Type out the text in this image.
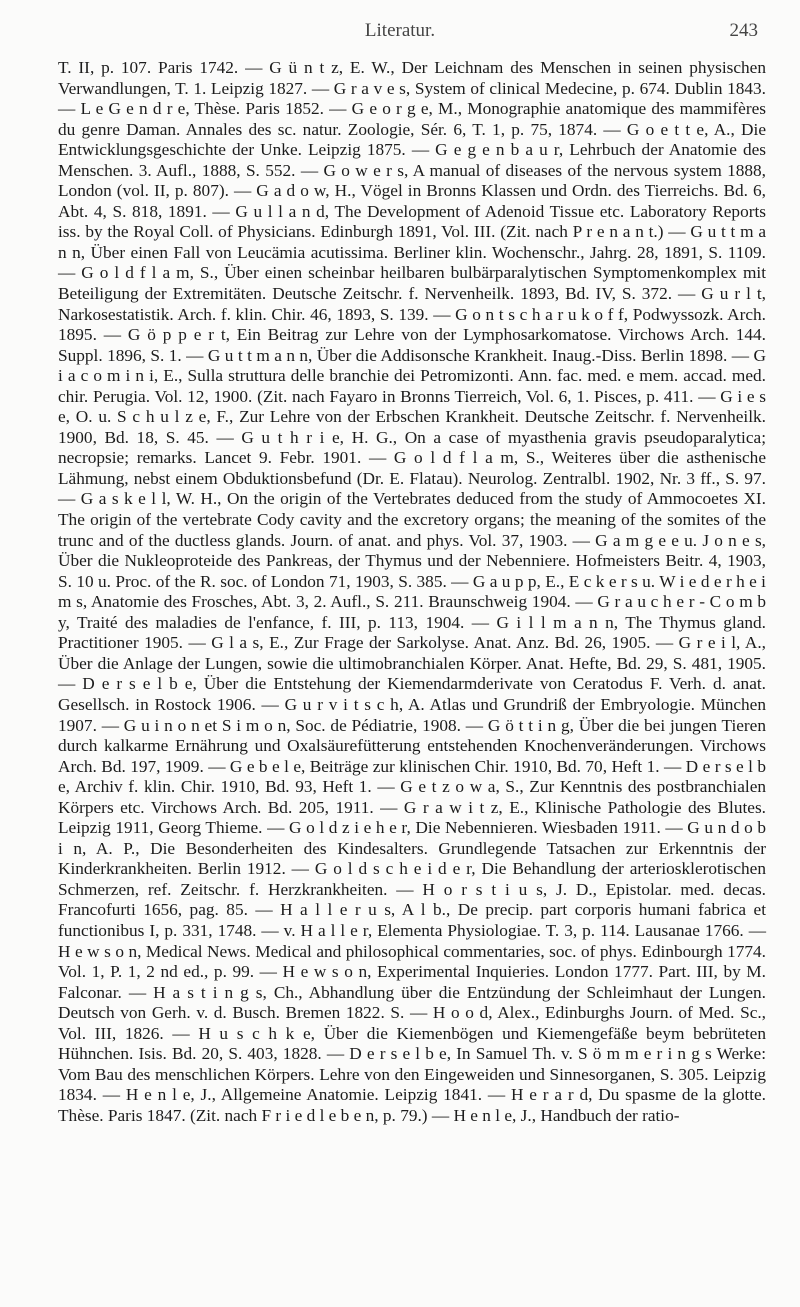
Literatur.	243

T. II, p. 107. Paris 1742. — G ü n t z, E. W., Der Leichnam des Menschen in seinen physischen Verwandlungen, T. 1. Leipzig 1827. — G r a v e s, System of clinical Medecine, p. 674. Dublin 1843. — L e G e n d r e, Thèse. Paris 1852. — G e o r g e, M., Monographie anatomique des mammifères du genre Daman. Annales des sc. natur. Zoologie, Sér. 6, T. 1, p. 75, 1874. — G o e t t e, A., Die Entwicklungsgeschichte der Unke. Leipzig 1875. — G e g e n b a u r, Lehrbuch der Anatomie des Menschen. 3. Aufl., 1888, S. 552. — G o w e r s, A manual of diseases of the nervous system 1888, London (vol. II, p. 807). — G a d o w, H., Vögel in Bronns Klassen und Ordn. des Tierreichs. Bd. 6, Abt. 4, S. 818, 1891. — G u l l a n d, The Development of Adenoid Tissue etc. Laboratory Reports iss. by the Royal Coll. of Physicians. Edinburgh 1891, Vol. III. (Zit. nach P r e n a n t.) — G u t t m a n n, Über einen Fall von Leucämia acutissima. Berliner klin. Wochenschr., Jahrg. 28, 1891, S. 1109. — G o l d f l a m, S., Über einen scheinbar heilbaren bulbärparalytischen Symptomenkomplex mit Beteiligung der Extremitäten. Deutsche Zeitschr. f. Nervenheilk. 1893, Bd. IV, S. 372. — G u r l t, Narkosestatistik. Arch. f. klin. Chir. 46, 1893, S. 139. — G o n t s c h a r u k o f f, Podwyssozk. Arch. 1895. — G ö p p e r t, Ein Beitrag zur Lehre von der Lymphosarkomatose. Virchows Arch. 144. Suppl. 1896, S. 1. — G u t t m a n n, Über die Addisonsche Krankheit. Inaug.-Diss. Berlin 1898. — G i a c o m i n i, E., Sulla struttura delle branchie dei Petromizonti. Ann. fac. med. e mem. accad. med. chir. Perugia. Vol. 12, 1900. (Zit. nach Fayaro in Bronns Tierreich, Vol. 6, 1. Pisces, p. 411. — G i e s e, O. u. S c h u l z e, F., Zur Lehre von der Erbschen Krankheit. Deutsche Zeitschr. f. Nervenheilk. 1900, Bd. 18, S. 45. — G u t h r i e, H. G., On a case of myasthenia gravis pseudoparalytica; necropsie; remarks. Lancet 9. Febr. 1901. — G o l d f l a m, S., Weiteres über die asthenische Lähmung, nebst einem Obduktionsbefund (Dr. E. Flatau). Neurolog. Zentralbl. 1902, Nr. 3 ff., S. 97. — G a s k e l l, W. H., On the origin of the Vertebrates deduced from the study of Ammocoetes XI. The origin of the vertebrate Cody cavity and the excretory organs; the meaning of the somites of the trunc and of the ductless glands. Journ. of anat. and phys. Vol. 37, 1903. — G a m g e e u. J o n e s, Über die Nukleoproteide des Pankreas, der Thymus und der Nebenniere. Hofmeisters Beitr. 4, 1903, S. 10 u. Proc. of the R. soc. of London 71, 1903, S. 385. — G a u p p, E., E c k e r s u. W i e d e r h e i m s, Anatomie des Frosches, Abt. 3, 2. Aufl., S. 211. Braunschweig 1904. — G r a u c h e r - C o m b y, Traité des maladies de l'enfance, f. III, p. 113, 1904. — G i l l m a n n, The Thymus gland. Practitioner 1905. — G l a s, E., Zur Frage der Sarkolyse. Anat. Anz. Bd. 26, 1905. — G r e i l, A., Über die Anlage der Lungen, sowie die ultimobranchialen Körper. Anat. Hefte, Bd. 29, S. 481, 1905. — D e r s e l b e, Über die Entstehung der Kiemendarmderivate von Ceratodus F. Verh. d. anat. Gesellsch. in Rostock 1906. — G u r v i t s c h, A. Atlas und Grundriß der Embryologie. München 1907. — G u i n o n et S i m o n, Soc. de Pédiatrie, 1908. — G ö t t i n g, Über die bei jungen Tieren durch kalkarme Ernährung und Oxalsäurefütterung entstehenden Knochenveränderungen. Virchows Arch. Bd. 197, 1909. — G e b e l e, Beiträge zur klinischen Chir. 1910, Bd. 70, Heft 1. — D e r s e l b e, Archiv f. klin. Chir. 1910, Bd. 93, Heft 1. — G e t z o w a, S., Zur Kenntnis des postbranchialen Körpers etc. Virchows Arch. Bd. 205, 1911. — G r a w i t z, E., Klinische Pathologie des Blutes. Leipzig 1911, Georg Thieme. — G o l d z i e h e r, Die Nebennieren. Wiesbaden 1911. — G u n d o b i n, A. P., Die Besonderheiten des Kindesalters. Grundlegende Tatsachen zur Erkenntnis der Kinderkrankheiten. Berlin 1912. — G o l d s c h e i d e r, Die Behandlung der arteriosklerotischen Schmerzen, ref. Zeitschr. f. Herzkrankheiten. — H o r s t i u s, J. D., Epistolar. med. decas. Francofurti 1656, pag. 85. — H a l l e r u s, A l b., De precip. part corporis humani fabrica et functionibus I, p. 331, 1748. — v. H a l l e r, Elementa Physiologiae. T. 3, p. 114. Lausanae 1766. — H e w s o n, Medical News. Medical and philosophical commentaries, soc. of phys. Edinbourgh 1774. Vol. 1, P. 1, 2 nd ed., p. 99. — H e w s o n, Experimental Inquieries. London 1777. Part. III, by M. Falconar. — H a s t i n g s, Ch., Abhandlung über die Entzündung der Schleimhaut der Lungen. Deutsch von Gerh. v. d. Busch. Bremen 1822. S. — H o o d, Alex., Edinburghs Journ. of Med. Sc., Vol. III, 1826. — H u s c h k e, Über die Kiemenbögen und Kiemengefäße beym bebrüteten Hühnchen. Isis. Bd. 20, S. 403, 1828. — D e r s e l b e, In Samuel Th. v. S ö m m e r i n g s Werke: Vom Bau des menschlichen Körpers. Lehre von den Eingeweiden und Sinnesorganen, S. 305. Leipzig 1834. — H e n l e, J., Allgemeine Anatomie. Leipzig 1841. — H e r a r d, Du spasme de la glotte. Thèse. Paris 1847. (Zit. nach F r i e d l e b e n, p. 79.) — H e n l e, J., Handbuch der ratio-
